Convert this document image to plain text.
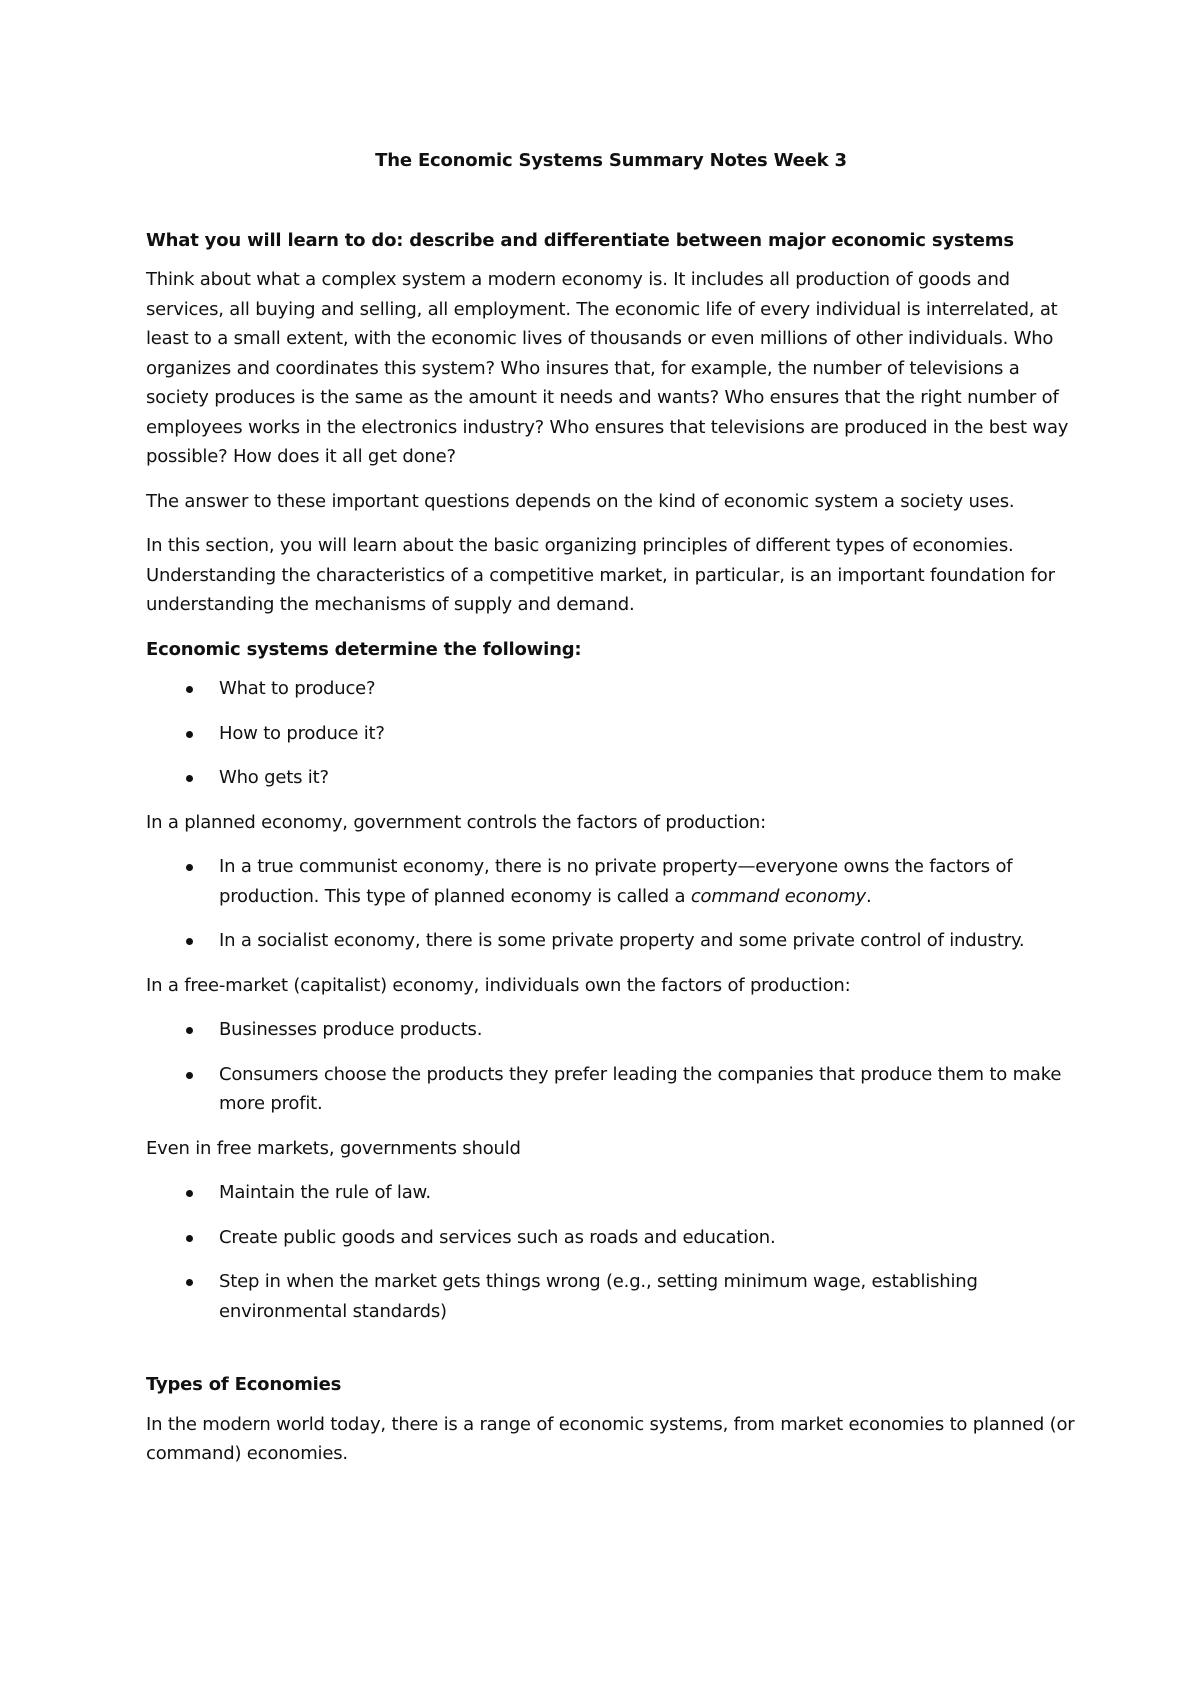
The Economic Systems Summary Notes Week 3
What you will learn to do: describe and differentiate between major economic systems

Think about what a complex system a modern economy is. It includes all production of goods and services, all buying and selling, all employment. The economic life of every individual is interrelated, at least to a small extent, with the economic lives of thousands or even millions of other individuals. Who organizes and coordinates this system? Who insures that, for example, the number of televisions a society produces is the same as the amount it needs and wants? Who ensures that the right number of employees works in the electronics industry? Who ensures that televisions are produced in the best way possible? How does it all get done?

The answer to these important questions depends on the kind of economic system a society uses.

In this section, you will learn about the basic organizing principles of different types of economies. Understanding the characteristics of a competitive market, in particular, is an important foundation for understanding the mechanisms of supply and demand.

Economic systems determine the following:
What to produce?
How to produce it?
Who gets it?

In a planned economy, government controls the factors of production:

In a true communist economy, there is no private property—everyone owns the factors of production. This type of planned economy is called a command economy.
In a socialist economy, there is some private property and some private control of industry.

In a free-market (capitalist) economy, individuals own the factors of production:

Businesses produce products.
Consumers choose the products they prefer leading the companies that produce them to make more profit.

Even in free markets, governments should

Maintain the rule of law.
Create public goods and services such as roads and education.
Step in when the market gets things wrong (e.g., setting minimum wage, establishing environmental standards)
Types of Economies

In the modern world today, there is a range of economic systems, from market economies to planned (or command) economies.
